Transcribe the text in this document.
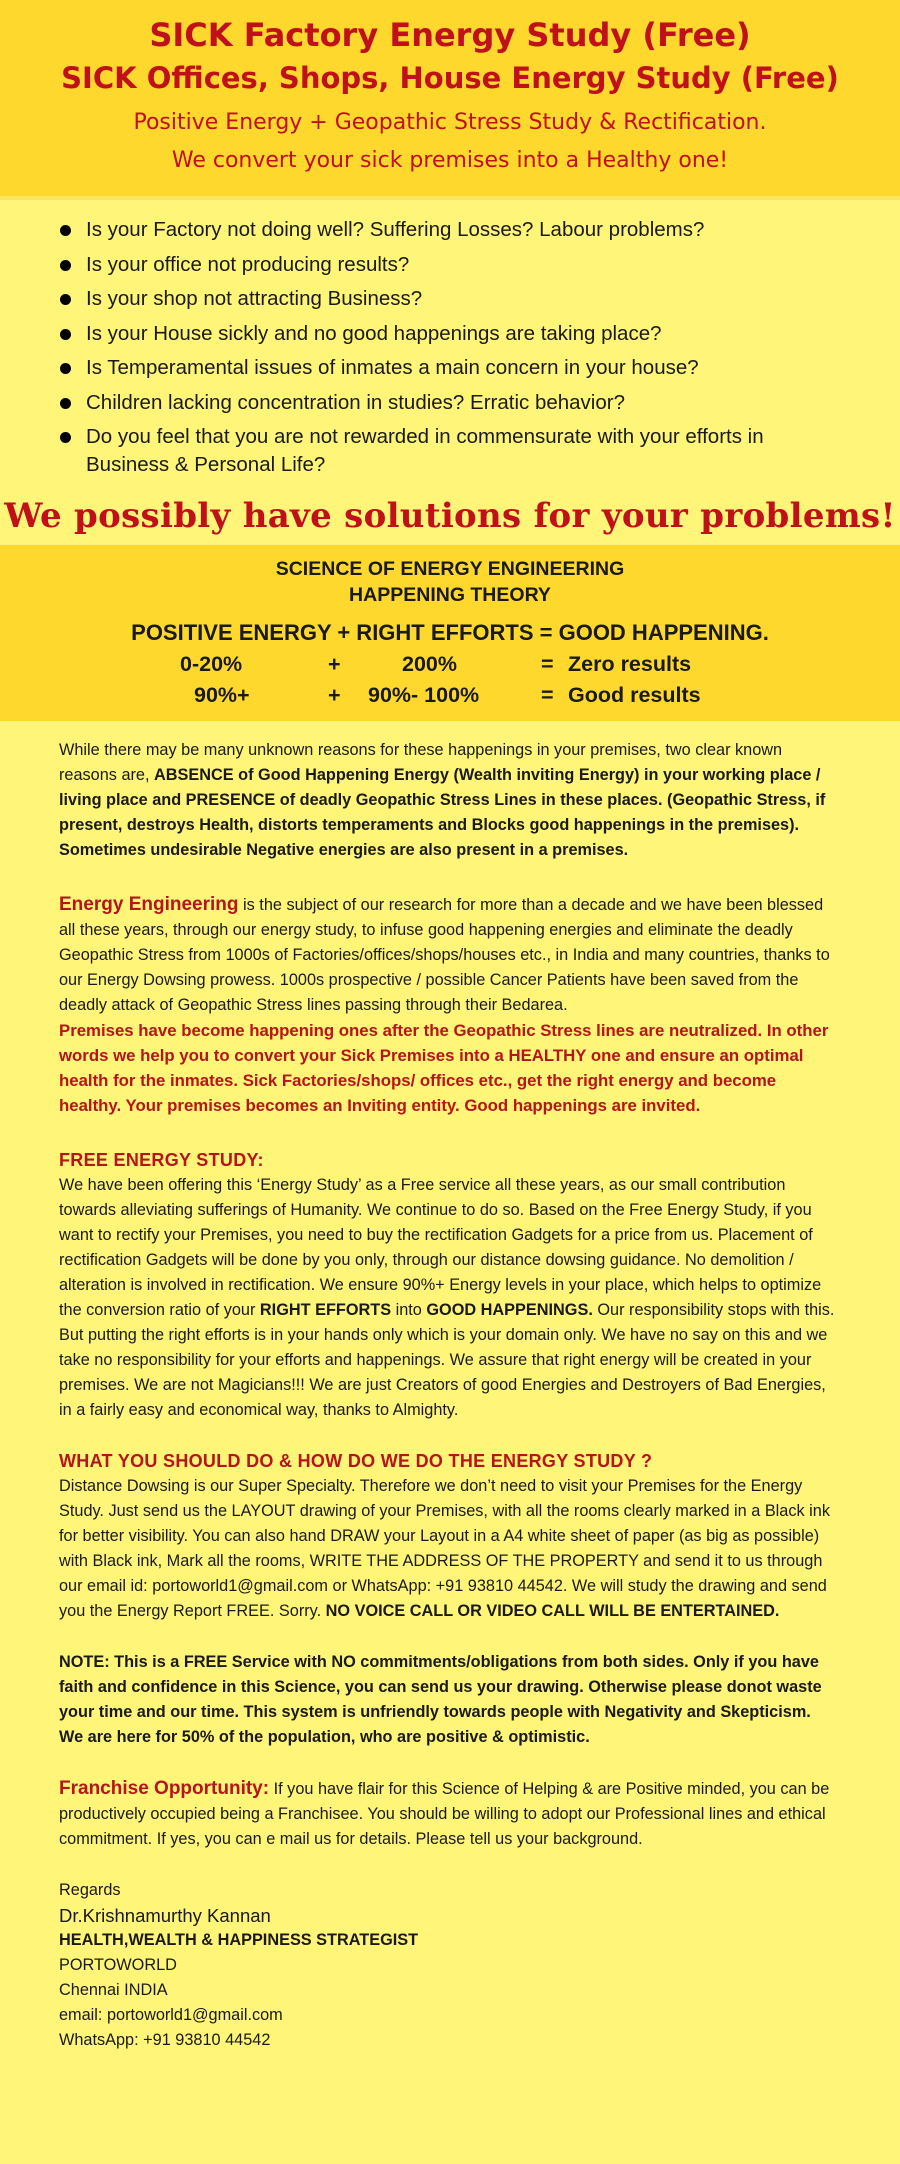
SICK Factory Energy Study (Free)
SICK Offices, Shops, House Energy Study (Free)
Positive Energy + Geopathic Stress Study & Rectification.
We convert your sick premises into a Healthy one!
Is your Factory not doing well? Suffering Losses? Labour problems?
Is your office not producing results?
Is your shop not attracting Business?
Is your House sickly and no good happenings are taking place?
Is Temperamental issues of inmates a main concern in your house?
Children lacking concentration in studies? Erratic behavior?
Do you feel that you are not rewarded in commensurate with your efforts in Business & Personal Life?
We possibly have solutions for your problems!
SCIENCE OF ENERGY ENGINEERING
HAPPENING THEORY
POSITIVE ENERGY + RIGHT EFFORTS = GOOD HAPPENING.
0-20%	+	200%	= Zero results
90%+	+ 90%- 100%	= Good results

While there may be many unknown reasons for these happenings in your premises, two clear known reasons are, ABSENCE of Good Happening Energy (Wealth inviting Energy) in your working place / living place and PRESENCE of deadly Geopathic Stress Lines in these places. (Geopathic Stress, if present, destroys Health, distorts temperaments and Blocks good happenings in the premises). Sometimes undesirable Negative energies are also present in a premises.

Energy Engineering is the subject of our research for more than a decade and we have been blessed all these years, through our energy study, to infuse good happening energies and eliminate the deadly Geopathic Stress from 1000s of Factories/offices/shops/houses etc., in India and many countries, thanks to our Energy Dowsing prowess. 1000s prospective / possible Cancer Patients have been saved from the deadly attack of Geopathic Stress lines passing through their Bedarea.

Premises have become happening ones after the Geopathic Stress lines are neutralized. In other words we help you to convert your Sick Premises into a HEALTHY one and ensure an optimal health for the inmates. Sick Factories/shops/ offices etc., get the right energy and become healthy. Your premises becomes an Inviting entity. Good happenings are invited.

FREE ENERGY STUDY:

We have been offering this ‘Energy Study’ as a Free service all these years, as our small contribution towards alleviating sufferings of Humanity. We continue to do so. Based on the Free Energy Study, if you want to rectify your Premises, you need to buy the rectification Gadgets for a price from us. Placement of rectification Gadgets will be done by you only, through our distance dowsing guidance. No demolition / alteration is involved in rectification. We ensure 90%+ Energy levels in your place, which helps to optimize the conversion ratio of your RIGHT EFFORTS into GOOD HAPPENINGS. Our responsibility stops with this. But putting the right efforts is in your hands only which is your domain only. We have no say on this and we take no responsibility for your efforts and happenings. We assure that right energy will be created in your premises. We are not Magicians!!! We are just Creators of good Energies and Destroyers of Bad Energies, in a fairly easy and economical way, thanks to Almighty.

WHAT YOU SHOULD DO & HOW DO WE DO THE ENERGY STUDY ?

Distance Dowsing is our Super Specialty. Therefore we don’t need to visit your Premises for the Energy Study. Just send us the LAYOUT drawing of your Premises, with all the rooms clearly marked in a Black ink for better visibility. You can also hand DRAW your Layout in a A4 white sheet of paper (as big as possible) with Black ink, Mark all the rooms, WRITE THE ADDRESS OF THE PROPERTY and send it to us through our email id: portoworld1@gmail.com or WhatsApp: +91 93810 44542. We will study the drawing and send you the Energy Report FREE. Sorry. NO VOICE CALL OR VIDEO CALL WILL BE ENTERTAINED.

NOTE: This is a FREE Service with NO commitments/obligations from both sides. Only if you have faith and confidence in this Science, you can send us your drawing. Otherwise please donot waste your time and our time. This system is unfriendly towards people with Negativity and Skepticism. We are here for 50% of the population, who are positive & optimistic.

Franchise Opportunity: If you have flair for this Science of Helping & are Positive minded, you can be productively occupied being a Franchisee. You should be willing to adopt our Professional lines and ethical commitment. If yes, you can e mail us for details. Please tell us your background.

Regards
Dr.Krishnamurthy Kannan
HEALTH,WEALTH & HAPPINESS STRATEGIST
PORTOWORLD
Chennai INDIA
email: portoworld1@gmail.com
WhatsApp: +91 93810 44542
